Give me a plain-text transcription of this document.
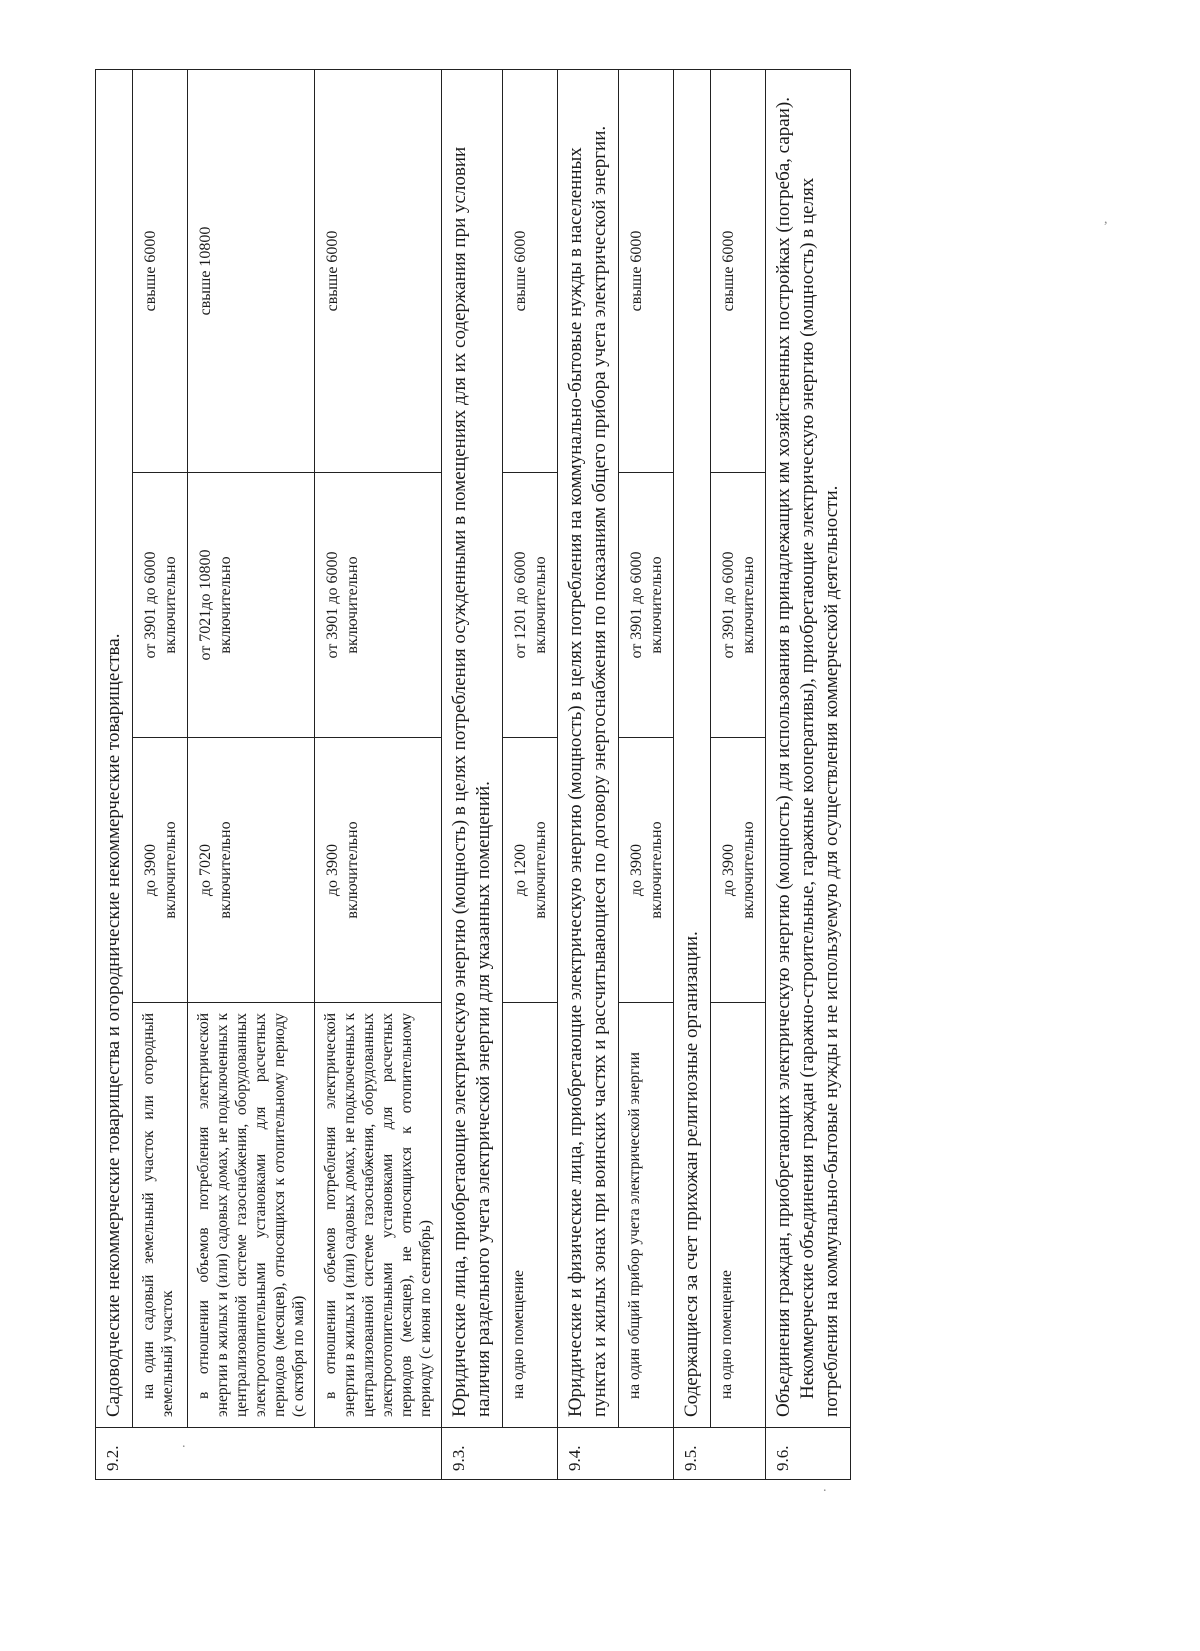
9.2.	Садоводческие некоммерческие товарищества и огороднические некоммерческие товарищества.			

	на один садовый земельный участок или огородный земельный участок	до 3900 включительно	от 3901 до 6000 включительно	свыше 6000

	в отношении объемов потребления электрической энергии в жилых и (или) садовых домах, не подключенных к централизованной системе газоснабжения, оборудованных электроотопительными установками для расчетных периодов (месяцев), относящихся к отопительному периоду (с октября по май)	до 7020 включительно	от 7021до 10800 включительно	свыше 10800

	в отношении объемов потребления электрической энергии в жилых и (или) садовых домах, не подключенных к централизованной системе газоснабжения, оборудованных электроотопительными установками для расчетных периодов (месяцев), не относящихся к отопительному периоду (с июня по сентябрь)	до 3900 включительно	от 3901 до 6000 включительно	свыше 6000
9.3.	Юридические лица, приобретающие электрическую энергию (мощность) в целях потребления осужденными в помещениях для их содержания при условии наличия раздельного учета электрической энергии для указанных помещений.			

	на одно помещение	до 1200 включительно	от 1201 до 6000 включительно	свыше 6000
9.4.	Юридические и физические лица, приобретающие электрическую энергию (мощность) в целях потребления на коммунально-бытовые нужды в населенных пунктах и жилых зонах при воинских частях и рассчитывающиеся по договору энергоснабжения по показаниям общего прибора учета электрической энергии.			

	на один общий прибор учета электрической энергии	до 3900 включительно	от 3901 до 6000 включительно	свыше 6000
9.5.	Содержащиеся за счет прихожан религиозные организации.			

	на одно помещение	до 3900 включительно	от 3901 до 6000 включительно	свыше 6000
9.6.	Объединения граждан, приобретающих электрическую энергию (мощность) для использования в принадлежащих им хозяйственных постройках (погреба, сараи). Некоммерческие объединения граждан (гаражно-строительные, гаражные кооперативы), приобретающие электрическую энергию (мощность) в целях потребления на коммунально-бытовые нужды и не используемую для осуществления коммерческой деятельности.			
,
.
.
